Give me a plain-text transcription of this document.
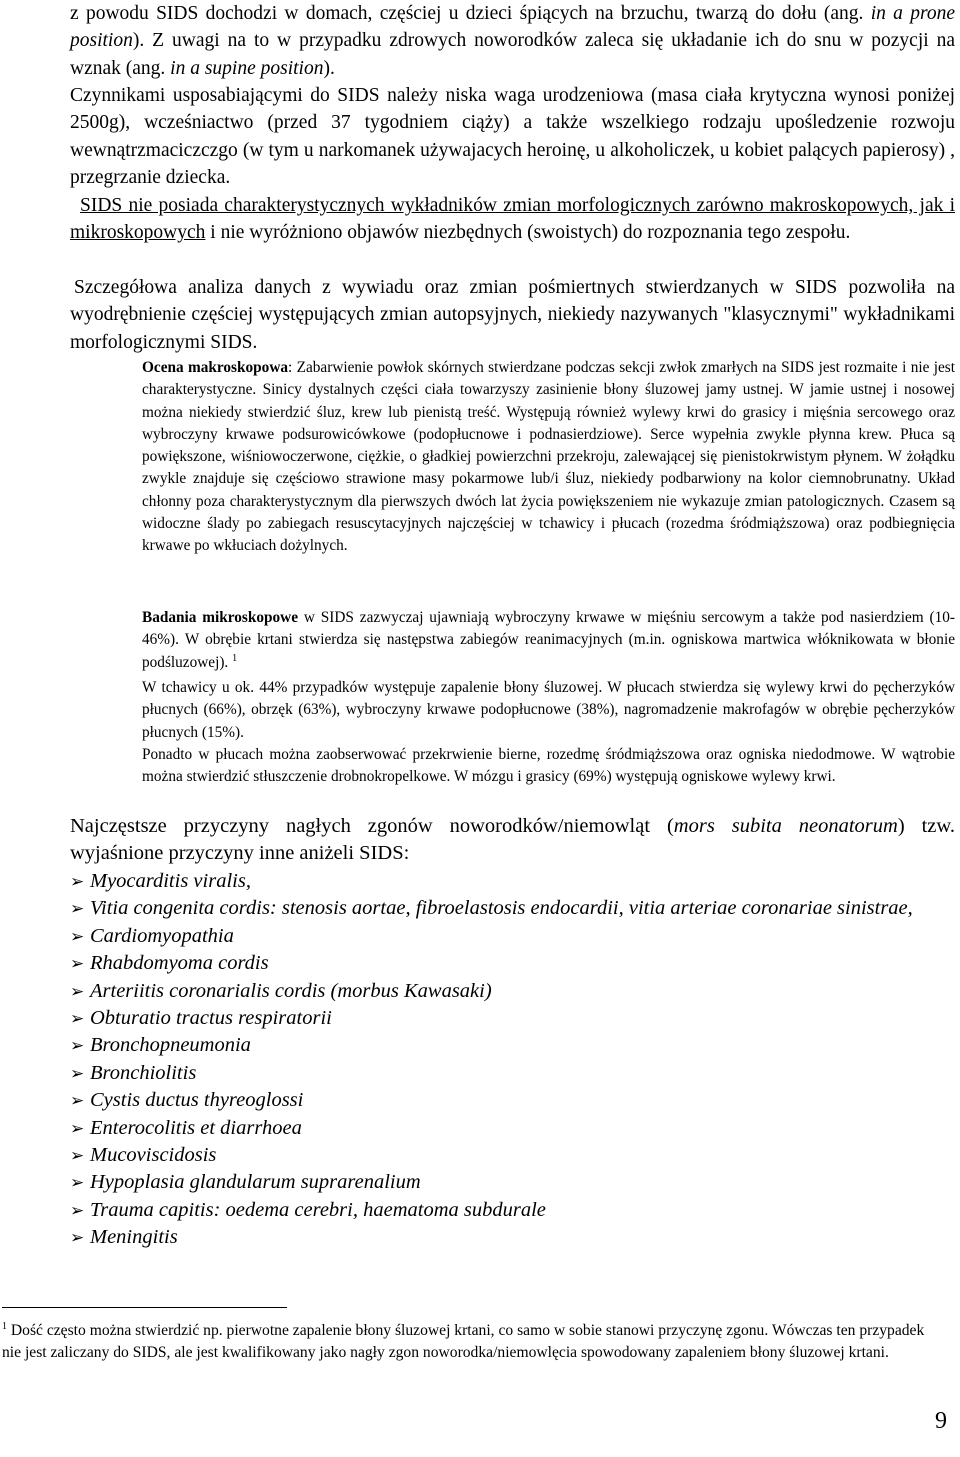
z powodu SIDS dochodzi w domach, częściej u dzieci śpiących na brzuchu, twarzą do dołu (ang. in a prone position). Z uwagi na to w przypadku zdrowych noworodków zaleca się układanie ich do snu w pozycji na wznak (ang. in a supine position).

Czynnikami usposabiającymi do SIDS należy niska waga urodzeniowa (masa ciała krytyczna wynosi poniżej 2500g), wcześniactwo (przed 37 tygodniem ciąży) a także wszelkiego rodzaju upośledzenie rozwoju wewnątrzmaciczczgo (w tym u narkomanek używajacych heroinę, u alkoholiczek, u kobiet palących papierosy) , przegrzanie dziecka.

SIDS nie posiada charakterystycznych wykładników zmian morfologicznych zarówno makroskopowych, jak i mikroskopowych i nie wyróżniono objawów niezbędnych (swoistych) do rozpoznania tego zespołu.

Szczegółowa analiza danych z wywiadu oraz zmian pośmiertnych stwierdzanych w SIDS pozwoliła na wyodrębnienie częściej występujących zmian autopsyjnych, niekiedy nazywanych "klasycznymi" wykładnikami morfologicznymi SIDS.

Ocena makroskopowa: Zabarwienie powłok skórnych stwierdzane podczas sekcji zwłok zmarłych na SIDS jest rozmaite i nie jest charakterystyczne. Sinicy dystalnych części ciała towarzyszy zasinienie błony śluzowej jamy ustnej. W jamie ustnej i nosowej można niekiedy stwierdzić śluz, krew lub pienistą treść. Występują również wylewy krwi do grasicy i mięśnia sercowego oraz wybroczyny krwawe podsurowicówkowe (podopłucnowe i podnasierdziowe). Serce wypełnia zwykle płynna krew. Płuca są powiększone, wiśniowoczerwone, ciężkie, o gładkiej powierzchni przekroju, zalewającej się pienistokrwistym płynem. W żołądku zwykle znajduje się częściowo strawione masy pokarmowe lub/i śluz, niekiedy podbarwiony na kolor ciemnobrunatny. Układ chłonny poza charakterystycznym dla pierwszych dwóch lat życia powiększeniem nie wykazuje zmian patologicznych. Czasem są widoczne ślady po zabiegach resuscytacyjnych najczęściej w tchawicy i płucach (rozedma śródmiąższowa) oraz podbiegnięcia krwawe po wkłuciach dożylnych.

Badania mikroskopowe w SIDS zazwyczaj ujawniają wybroczyny krwawe w mięśniu sercowym a także pod nasierdziem (10-46%). W obrębie krtani stwierdza się następstwa zabiegów reanimacyjnych (m.in. ogniskowa martwica włóknikowata w błonie podśluzowej). $^1$

W tchawicy u ok. 44% przypadków występuje zapalenie błony śluzowej. W płucach stwierdza się wylewy krwi do pęcherzyków płucnych (66%), obrzęk (63%), wybroczyny krwawe podopłucnowe (38%), nagromadzenie makrofagów w obrębie pęcherzyków płucnych (15%).

Ponadto w płucach można zaobserwować przekrwienie bierne, rozedmę śródmiąższowa oraz ogniska niedodmowe. W wątrobie można stwierdzić stłuszczenie drobnokropelkowe. W mózgu i grasicy (69%) występują ogniskowe wylewy krwi.

Najczęstsze przyczyny nagłych zgonów noworodków/niemowląt (mors subita neonatorum) tzw. wyjaśnione przyczyny inne aniżeli SIDS:

➢ Myocarditis viralis,
➢ Vitia congenita cordis: stenosis aortae, fibroelastosis endocardii, vitia arteriae coronariae sinistrae,
➢ Cardiomyopathia
➢ Rhabdomyoma cordis
➢ Arteriitis coronarialis cordis (morbus Kawasaki)
➢ Obturatio tractus respiratorii
➢ Bronchopneumonia
➢ Bronchiolitis
➢ Cystis ductus thyreoglossi
➢ Enterocolitis et diarrhoea
➢ Mucoviscidosis
➢ Hypoplasia glandularum suprarenalium
➢ Trauma capitis: oedema cerebri, haematoma subdurale
➢ Meningitis

$^1$ Dość często można stwierdzić np. pierwotne zapalenie błony śluzowej krtani, co samo w sobie stanowi przyczynę zgonu. Wówczas ten przypadek nie jest zaliczany do SIDS, ale jest kwalifikowany jako nagły zgon noworodka/niemowlęcia spowodowany zapaleniem błony śluzowej krtani.

9
